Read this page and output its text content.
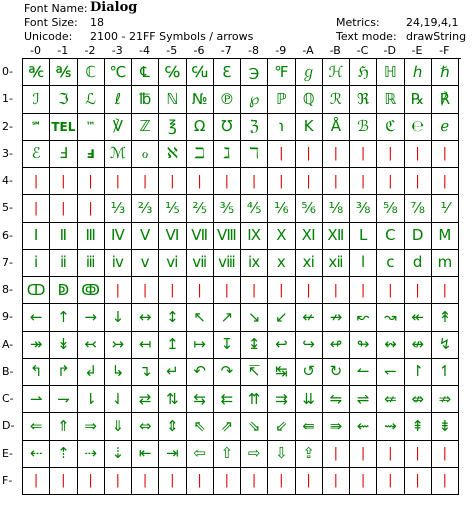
Font Name: Dialog
Font Size: 18
Unicode: 2100 - 21FF Symbols / arrows
Metrics: 24,19,4,1
Text mode: drawString
-0	-1	-2	-3	-4	-5	-6	-7	-8	-9	-A	-B	-C	-D	-E	-F
0-
1-
2-
3-
4-
5-
6-
7-
8-
9-
A-
B-
C-
D-
E-
F-
℀ ℁ ℂ ℃ ℄ ℅ ℆ ℇ	℈ ℉ ℊ ℋ ℌ	ℍ	ℎ	ℏ
ℐ	ℑ	ℒ	ℓ	℔	ℕ № ℗ ℘	ℙ	ℚ	ℛ	ℜ	ℝ ℞	℟
℠ TEL	™	℣	ℤ	℥	Ω	℧	ℨ	℩	K	Å	ℬ	ℭ	℮	ℯ
ℰ	Ⅎ	Ⅎ	ℳ	ℴ	ℵ	ℶ	ℷ	ℸ	|	|	|	|	|	|	|
|	|	|	|	|	|	|	|	|	|	|	|	|	|	|	|
|	|	|	⅓ ⅔ ⅕ ⅖ ⅗ ⅘ ⅙ ⅚ ⅛ ⅜ ⅝ ⅞	⅟
Ⅰ	Ⅱ	Ⅲ	Ⅳ	Ⅴ	Ⅵ Ⅶ Ⅷ Ⅸ	Ⅹ	Ⅺ Ⅻ Ⅼ	Ⅽ	Ⅾ Ⅿ
ⅰ	ⅱ	ⅲ	ⅳ	ⅴ	ⅵ ⅶ ⅷ ⅸ	ⅹ	ⅺ ⅻ	ⅼ	ⅽ	ⅾ	ⅿ
ↀ ↁ ↂ	|	|	|	|	|	|	|	|	|	|	|	|	|
← ↑ → ↓ ↔ ↕ ↖ ↗ ↘ ↙ ↚ ↛ ↜ ↝ ↞ ↟
↠ ↡ ↢ ↣ ↤ ↥ ↦ ↧ ↨ ↩ ↪ ↫ ↬ ↭ ↮ ↯
↰ ↱ ↲ ↳ ↴ ↵ ↶ ↷ ↸ ↹ ↺ ↻ ↼ ↽ ↾ ↿
⇀ ⇁ ⇂ ⇃ ⇄ ⇅ ⇆ ⇇ ⇈ ⇉ ⇊ ⇋ ⇌ ⇍ ⇎ ⇏
⇐ ⇑ ⇒ ⇓ ⇔ ⇕ ⇖ ⇗ ⇘ ⇙ ⇚ ⇛ ⇜ ⇝ ⇞ ⇟
⇠ ⇡ ⇢ ⇣ ⇤ ⇥ ⇦ ⇧ ⇨ ⇩ ⇪	|	|	|	|	|
|	|	|	|	|	|	|	|	|	|	|	|	|	|	|	|
